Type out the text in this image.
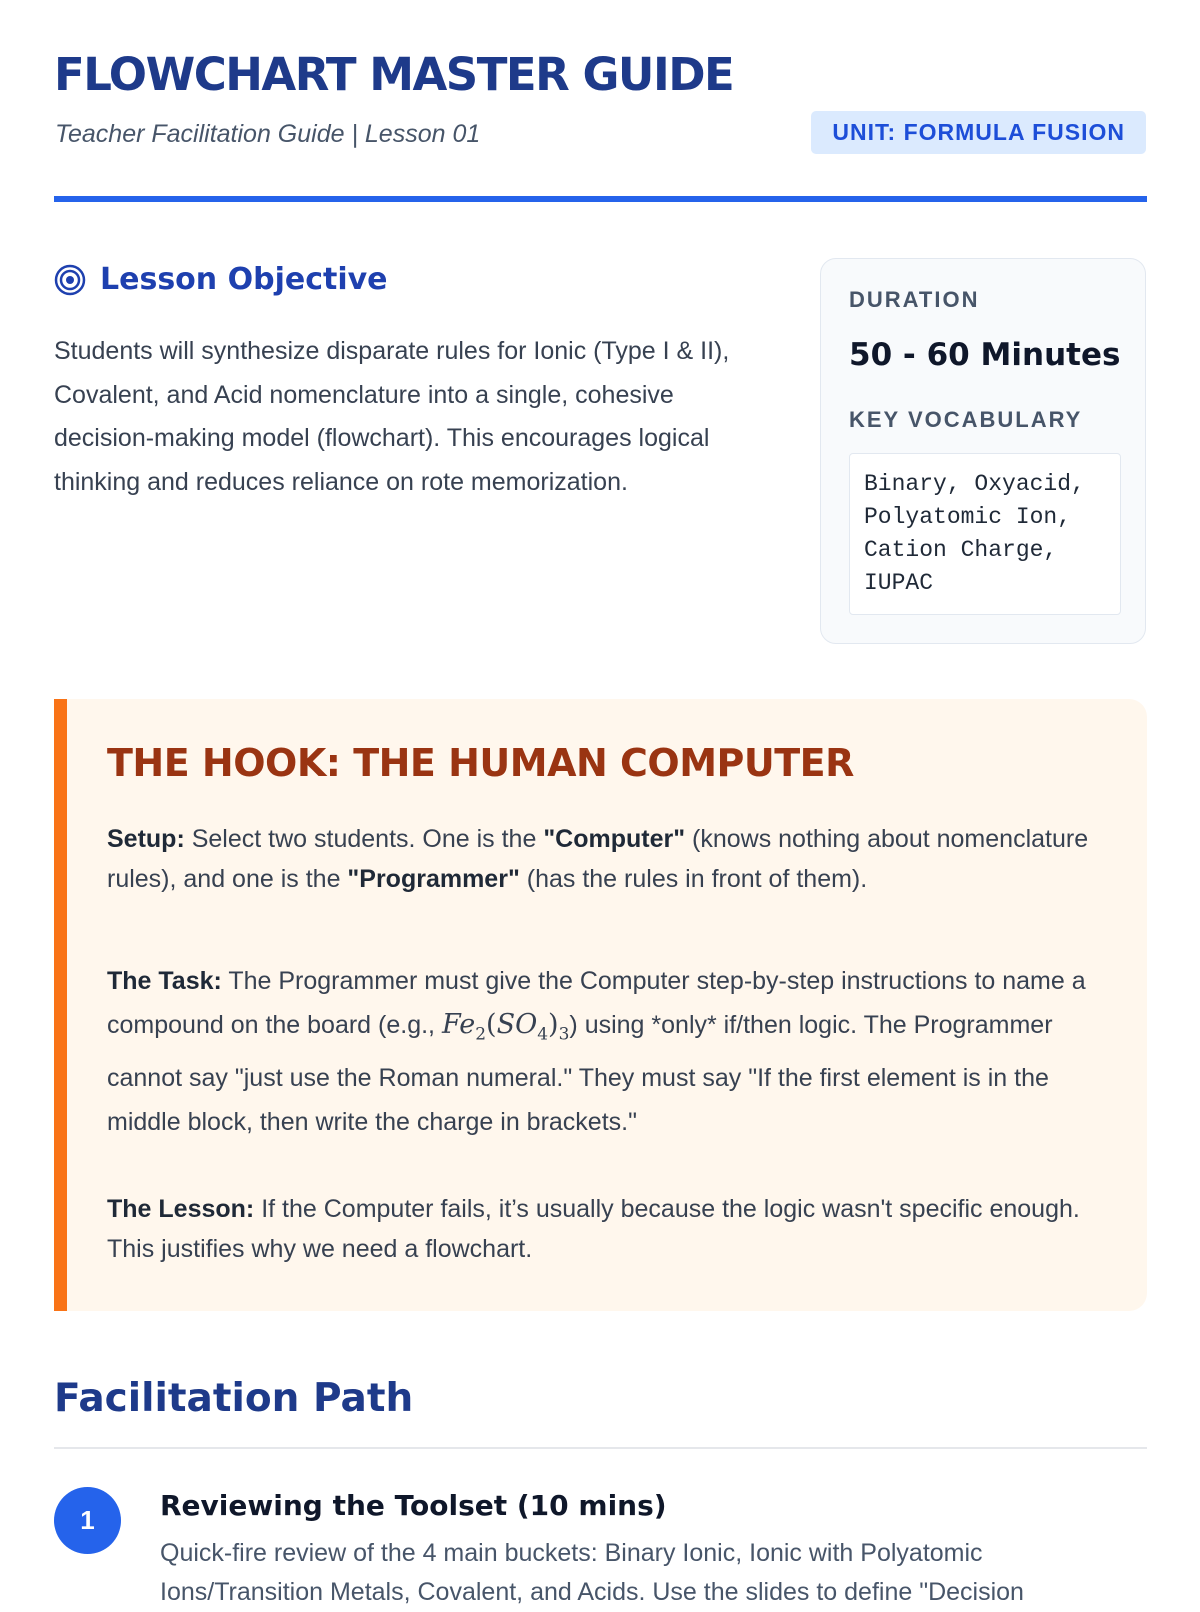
FLOWCHART MASTER GUIDE
Teacher Facilitation Guide | Lesson 01	UNIT: FORMULA FUSION
Lesson Objective

Students will synthesize disparate rules for Ionic (Type I & II), Covalent, and Acid nomenclature into a single, cohesive decision-making model (flowchart). This encourages logical thinking and reduces reliance on rote memorization.

DURATION
50 - 60 Minutes
KEY VOCABULARY
Binary, Oxyacid, Polyatomic Ion, Cation Charge, IUPAC
THE HOOK: THE HUMAN COMPUTER

Setup: Select two students. One is the "Computer" (knows nothing about nomenclature rules), and one is the "Programmer" (has the rules in front of them).

The Task: The Programmer must give the Computer step-by-step instructions to name a compound on the board (e.g., $Fe_2(SO_4)_3$) using *only* if/then logic. The Programmer cannot say "just use the Roman numeral." They must say "If the first element is in the middle block, then write the charge in brackets."

The Lesson: If the Computer fails, it’s usually because the logic wasn't specific enough. This justifies why we need a flowchart.

Facilitation Path
1	Reviewing the Toolset (10 mins)

Quick-fire review of the 4 main buckets: Binary Ionic, Ionic with Polyatomic Ions/Transition Metals, Covalent, and Acids. Use the slides to define "Decision
